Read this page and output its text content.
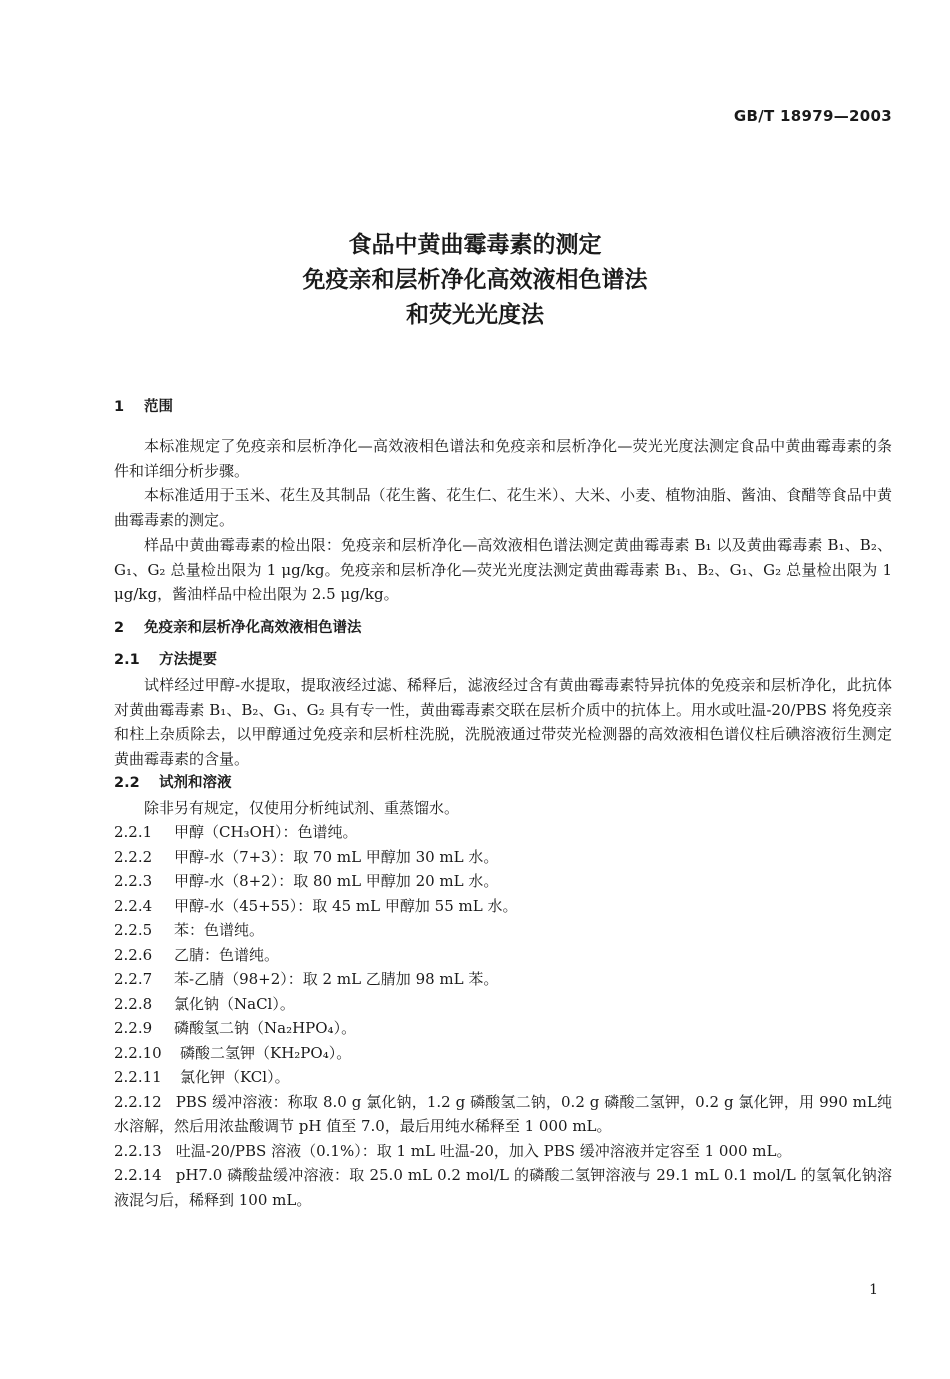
GB/T 18979—2003
食品中黄曲霉毒素的测定
免疫亲和层析净化高效液相色谱法
和荧光光度法
1	范围

本标准规定了免疫亲和层析净化—高效液相色谱法和免疫亲和层析净化—荧光光度法测定食品中黄曲霉毒素的条件和详细分析步骤。

本标准适用于玉米、花生及其制品（花生酱、花生仁、花生米）、大米、小麦、植物油脂、酱油、食醋等食品中黄曲霉毒素的测定。

样品中黄曲霉毒素的检出限：免疫亲和层析净化—高效液相色谱法测定黄曲霉毒素 B₁ 以及黄曲霉毒素 B₁、B₂、G₁、G₂ 总量检出限为 1 μg/kg。免疫亲和层析净化—荧光光度法测定黄曲霉毒素 B₁、B₂、G₁、G₂ 总量检出限为 1 μg/kg，酱油样品中检出限为 2.5 μg/kg。

2	免疫亲和层析净化高效液相色谱法
2.1	方法提要

试样经过甲醇-水提取，提取液经过滤、稀释后，滤液经过含有黄曲霉毒素特异抗体的免疫亲和层析净化，此抗体对黄曲霉毒素 B₁、B₂、G₁、G₂ 具有专一性，黄曲霉毒素交联在层析介质中的抗体上。用水或吐温-20/PBS 将免疫亲和柱上杂质除去，以甲醇通过免疫亲和层析柱洗脱，洗脱液通过带荧光检测器的高效液相色谱仪柱后碘溶液衍生测定黄曲霉毒素的含量。

2.2	试剂和溶液

除非另有规定，仅使用分析纯试剂、重蒸馏水。

2.2.1	甲醇（CH₃OH）：色谱纯。
2.2.2	甲醇-水（7+3）：取 70 mL 甲醇加 30 mL 水。
2.2.3	甲醇-水（8+2）：取 80 mL 甲醇加 20 mL 水。
2.2.4	甲醇-水（45+55）：取 45 mL 甲醇加 55 mL 水。
2.2.5	苯：色谱纯。
2.2.6	乙腈：色谱纯。
2.2.7	苯-乙腈（98+2）：取 2 mL 乙腈加 98 mL 苯。
2.2.8	氯化钠（NaCl）。
2.2.9	磷酸氢二钠（Na₂HPO₄）。
2.2.10	磷酸二氢钾（KH₂PO₄）。
2.2.11	氯化钾（KCl）。
2.2.12 PBS 缓冲溶液：称取 8.0 g 氯化钠，1.2 g 磷酸氢二钠，0.2 g 磷酸二氢钾，0.2 g 氯化钾，用 990 mL纯水溶解，然后用浓盐酸调节 pH 值至 7.0，最后用纯水稀释至 1 000 mL。
2.2.13 吐温-20/PBS 溶液（0.1%）：取 1 mL 吐温-20，加入 PBS 缓冲溶液并定容至 1 000 mL。
2.2.14 pH7.0 磷酸盐缓冲溶液：取 25.0 mL 0.2 mol/L 的磷酸二氢钾溶液与 29.1 mL 0.1 mol/L 的氢氧化钠溶液混匀后，稀释到 100 mL。
1
